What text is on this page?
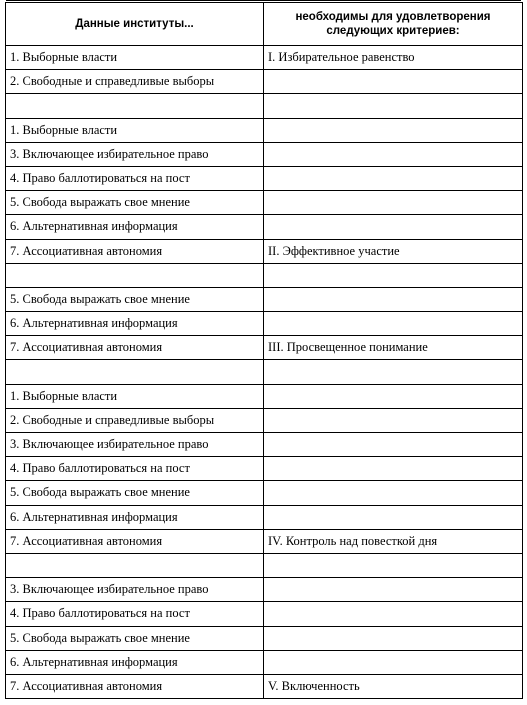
Данные институты...	необходимы для удовлетворения следующих критериев:
1. Выборные власти	I. Избирательное равенство
2. Свободные и справедливые выборы	

1. Выборные власти	
3. Включающее избирательное право	
4. Право баллотироваться на пост	
5. Свобода выражать свое мнение	
6. Альтернативная информация	
7. Ассоциативная автономия	II. Эффективное участие

5. Свобода выражать свое мнение	
6. Альтернативная информация	
7. Ассоциативная автономия	III. Просвещенное понимание

1. Выборные власти	
2. Свободные и справедливые выборы	
3. Включающее избирательное право	
4. Право баллотироваться на пост	
5. Свобода выражать свое мнение	
6. Альтернативная информация	
7. Ассоциативная автономия	IV. Контроль над повесткой дня

3. Включающее избирательное право	
4. Право баллотироваться на пост	
5. Свобода выражать свое мнение	
6. Альтернативная информация	
7. Ассоциативная автономия	V. Включенность
